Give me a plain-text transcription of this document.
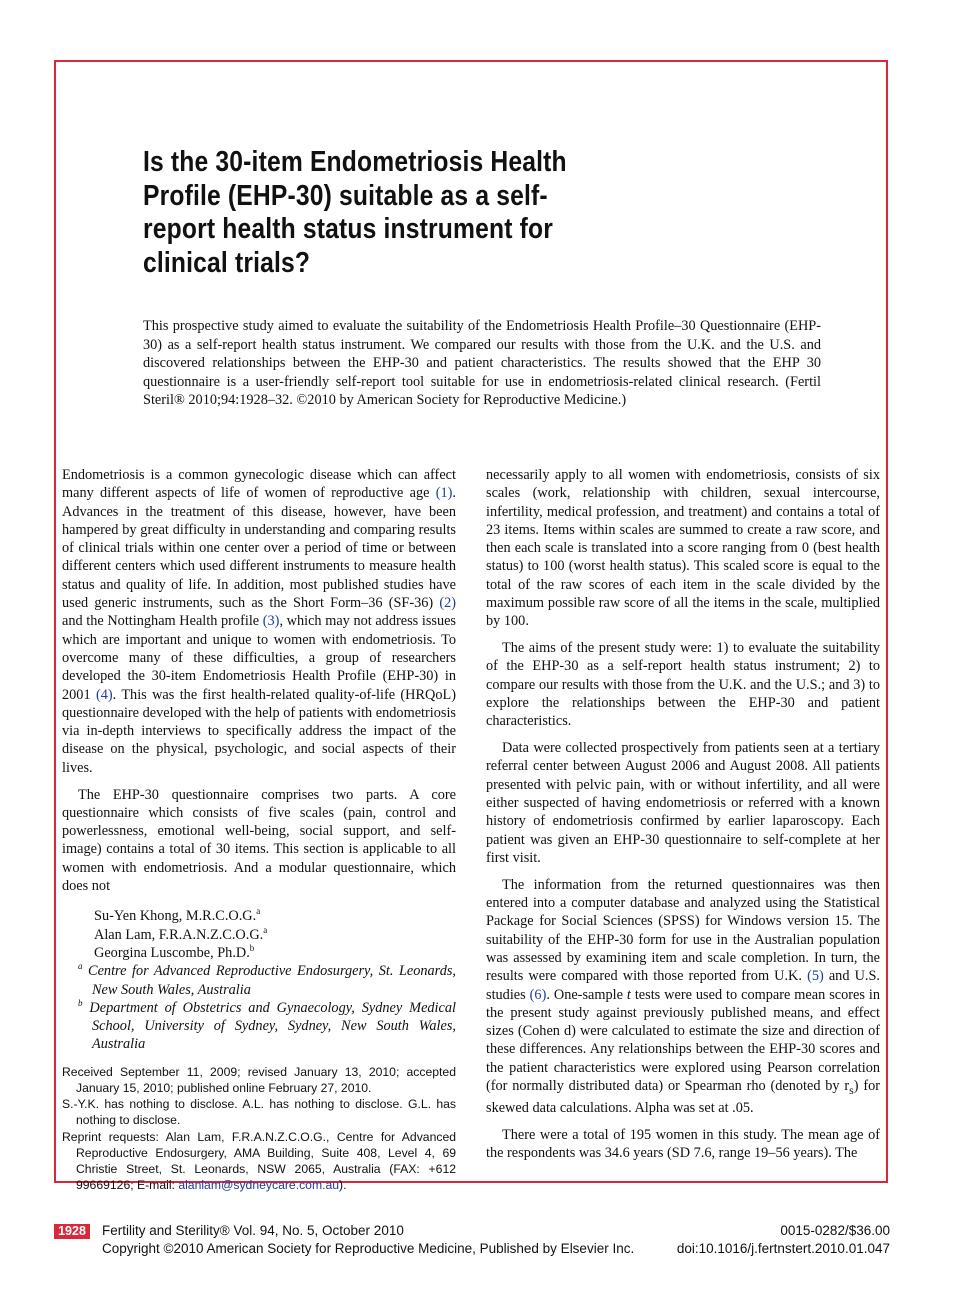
Is the 30-item Endometriosis Health Profile (EHP-30) suitable as a self-report health status instrument for clinical trials?

This prospective study aimed to evaluate the suitability of the Endometriosis Health Profile–30 Questionnaire (EHP-30) as a self-report health status instrument. We compared our results with those from the U.K. and the U.S. and discovered relationships between the EHP-30 and patient characteristics. The results showed that the EHP 30 questionnaire is a user-friendly self-report tool suitable for use in endometriosis-related clinical research. (Fertil Steril® 2010;94:1928–32. ©2010 by American Society for Reproductive Medicine.)

Endometriosis is a common gynecologic disease which can affect many different aspects of life of women of reproductive age (1). Advances in the treatment of this disease, however, have been hampered by great difficulty in understanding and comparing results of clinical trials within one center over a period of time or between different centers which used different instruments to measure health status and quality of life. In addition, most published studies have used generic instruments, such as the Short Form–36 (SF-36) (2) and the Nottingham Health profile (3), which may not address issues which are important and unique to women with endometriosis. To overcome many of these difficulties, a group of researchers developed the 30-item Endometriosis Health Profile (EHP-30) in 2001 (4). This was the first health-related quality-of-life (HRQoL) questionnaire developed with the help of patients with endometriosis via in-depth interviews to specifically address the impact of the disease on the physical, psychologic, and social aspects of their lives.

The EHP-30 questionnaire comprises two parts. A core questionnaire which consists of five scales (pain, control and powerlessness, emotional well-being, social support, and self-image) contains a total of 30 items. This section is applicable to all women with endometriosis. And a modular questionnaire, which does not

Su-Yen Khong, M.R.C.O.G.$^a$

Alan Lam, F.R.A.N.Z.C.O.G.$^a$

Georgina Luscombe, Ph.D.$^b$

$^a$ Centre for Advanced Reproductive Endosurgery, St. Leonards, New South Wales, Australia

$^b$ Department of Obstetrics and Gynaecology, Sydney Medical School, University of Sydney, Sydney, New South Wales, Australia

Received September 11, 2009; revised January 13, 2010; accepted January 15, 2010; published online February 27, 2010.

S.-Y.K. has nothing to disclose. A.L. has nothing to disclose. G.L. has nothing to disclose.

Reprint requests: Alan Lam, F.R.A.N.Z.C.O.G., Centre for Advanced Reproductive Endosurgery, AMA Building, Suite 408, Level 4, 69 Christie Street, St. Leonards, NSW 2065, Australia (FAX: +612 99669126; E-mail: alanlam@sydneycare.com.au).

necessarily apply to all women with endometriosis, consists of six scales (work, relationship with children, sexual intercourse, infertility, medical profession, and treatment) and contains a total of 23 items. Items within scales are summed to create a raw score, and then each scale is translated into a score ranging from 0 (best health status) to 100 (worst health status). This scaled score is equal to the total of the raw scores of each item in the scale divided by the maximum possible raw score of all the items in the scale, multiplied by 100.

The aims of the present study were: 1) to evaluate the suitability of the EHP-30 as a self-report health status instrument; 2) to compare our results with those from the U.K. and the U.S.; and 3) to explore the relationships between the EHP-30 and patient characteristics.

Data were collected prospectively from patients seen at a tertiary referral center between August 2006 and August 2008. All patients presented with pelvic pain, with or without infertility, and all were either suspected of having endometriosis or referred with a known history of endometriosis confirmed by earlier laparoscopy. Each patient was given an EHP-30 questionnaire to self-complete at her first visit.

The information from the returned questionnaires was then entered into a computer database and analyzed using the Statistical Package for Social Sciences (SPSS) for Windows version 15. The suitability of the EHP-30 form for use in the Australian population was assessed by examining item and scale completion. In turn, the results were compared with those reported from U.K. (5) and U.S. studies (6). One-sample t tests were used to compare mean scores in the present study against previously published means, and effect sizes (Cohen d) were calculated to estimate the size and direction of these differences. Any relationships between the EHP-30 scores and the patient characteristics were explored using Pearson correlation (for normally distributed data) or Spearman rho (denoted by $r_s$) for skewed data calculations. Alpha was set at .05.

There were a total of 195 women in this study. The mean age of the respondents was 34.6 years (SD 7.6, range 19–56 years). The

1928	Fertility and Sterility® Vol. 94, No. 5, October 2010
Copyright ©2010 American Society for Reproductive Medicine, Published by Elsevier Inc.
0015-0282/$36.00
doi:10.1016/j.fertnstert.2010.01.047
